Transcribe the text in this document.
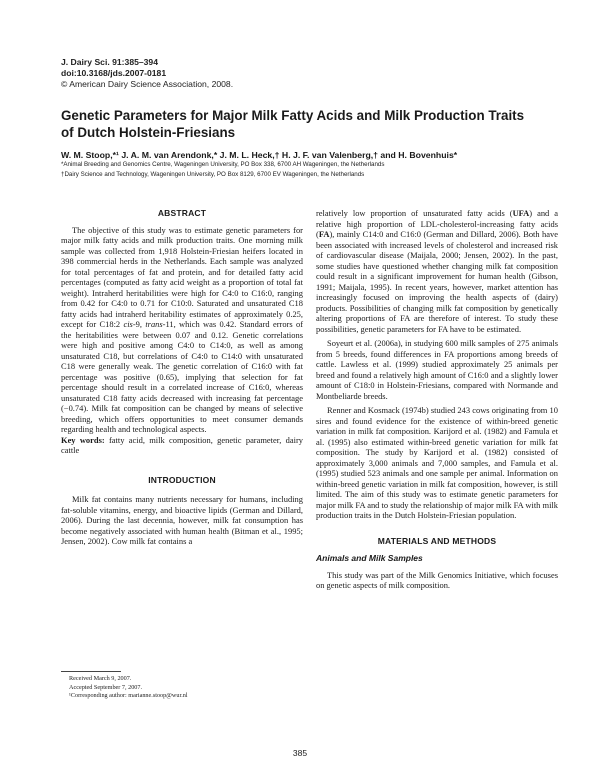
J. Dairy Sci. 91:385–394
doi:10.3168/jds.2007-0181
© American Dairy Science Association, 2008.
Genetic Parameters for Major Milk Fatty Acids and Milk Production Traits of Dutch Holstein-Friesians
W. M. Stoop,*¹ J. A. M. van Arendonk,* J. M. L. Heck,† H. J. F. van Valenberg,† and H. Bovenhuis*
*Animal Breeding and Genomics Centre, Wageningen University, PO Box 338, 6700 AH Wageningen, the Netherlands
†Dairy Science and Technology, Wageningen University, PO Box 8129, 6700 EV Wageningen, the Netherlands
ABSTRACT

The objective of this study was to estimate genetic parameters for major milk fatty acids and milk production traits. One morning milk sample was collected from 1,918 Holstein-Friesian heifers located in 398 commercial herds in the Netherlands. Each sample was analyzed for total percentages of fat and protein, and for detailed fatty acid percentages (computed as fatty acid weight as a proportion of total fat weight). Intraherd heritabilities were high for C4:0 to C16:0, ranging from 0.42 for C4:0 to 0.71 for C10:0. Saturated and unsaturated C18 fatty acids had intraherd heritability estimates of approximately 0.25, except for C18:2 cis-9, trans-11, which was 0.42. Standard errors of the heritabilities were between 0.07 and 0.12. Genetic correlations were high and positive among C4:0 to C14:0, as well as among unsaturated C18, but correlations of C4:0 to C14:0 with unsaturated C18 were generally weak. The genetic correlation of C16:0 with fat percentage was positive (0.65), implying that selection for fat percentage should result in a correlated increase of C16:0, whereas unsaturated C18 fatty acids decreased with increasing fat percentage (−0.74). Milk fat composition can be changed by means of selective breeding, which offers opportunities to meet consumer demands regarding health and technological aspects.

Key words: fatty acid, milk composition, genetic parameter, dairy cattle

INTRODUCTION

Milk fat contains many nutrients necessary for humans, including fat-soluble vitamins, energy, and bioactive lipids (German and Dillard, 2006). During the last decennia, however, milk fat consumption has become negatively associated with human health (Bitman et al., 1995; Jensen, 2002). Cow milk fat contains a

relatively low proportion of unsaturated fatty acids (UFA) and a relative high proportion of LDL-cholesterol-increasing fatty acids (FA), mainly C14:0 and C16:0 (German and Dillard, 2006). Both have been associated with increased levels of cholesterol and increased risk of cardiovascular disease (Maijala, 2000; Jensen, 2002). In the past, some studies have questioned whether changing milk fat composition could result in a significant improvement for human health (Gibson, 1991; Maijala, 1995). In recent years, however, market attention has increasingly focused on improving the health aspects of (dairy) products. Possibilities of changing milk fat composition by genetically altering proportions of FA are therefore of interest. To study these possibilities, genetic parameters for FA have to be estimated.

Soyeurt et al. (2006a), in studying 600 milk samples of 275 animals from 5 breeds, found differences in FA proportions among breeds of cattle. Lawless et al. (1999) studied approximately 25 animals per breed and found a relatively high amount of C16:0 and a slightly lower amount of C18:0 in Holstein-Friesians, compared with Normande and Montbeliarde breeds.

Renner and Kosmack (1974b) studied 243 cows originating from 10 sires and found evidence for the existence of within-breed genetic variation in milk fat composition. Karijord et al. (1982) and Famula et al. (1995) also estimated within-breed genetic variation for milk fat composition. The study by Karijord et al. (1982) consisted of approximately 3,000 animals and 7,000 samples, and Famula et al. (1995) studied 523 animals and one sample per animal. Information on within-breed genetic variation in milk fat composition, however, is still limited. The aim of this study was to estimate genetic parameters for major milk FA and to study the relationship of major milk FA with milk production traits in the Dutch Holstein-Friesian population.

MATERIALS AND METHODS
Animals and Milk Samples

This study was part of the Milk Genomics Initiative, which focuses on genetic aspects of milk composition.

Received March 9, 2007.
Accepted September 7, 2007.
¹Corresponding author: marianne.stoop@wur.nl
385
